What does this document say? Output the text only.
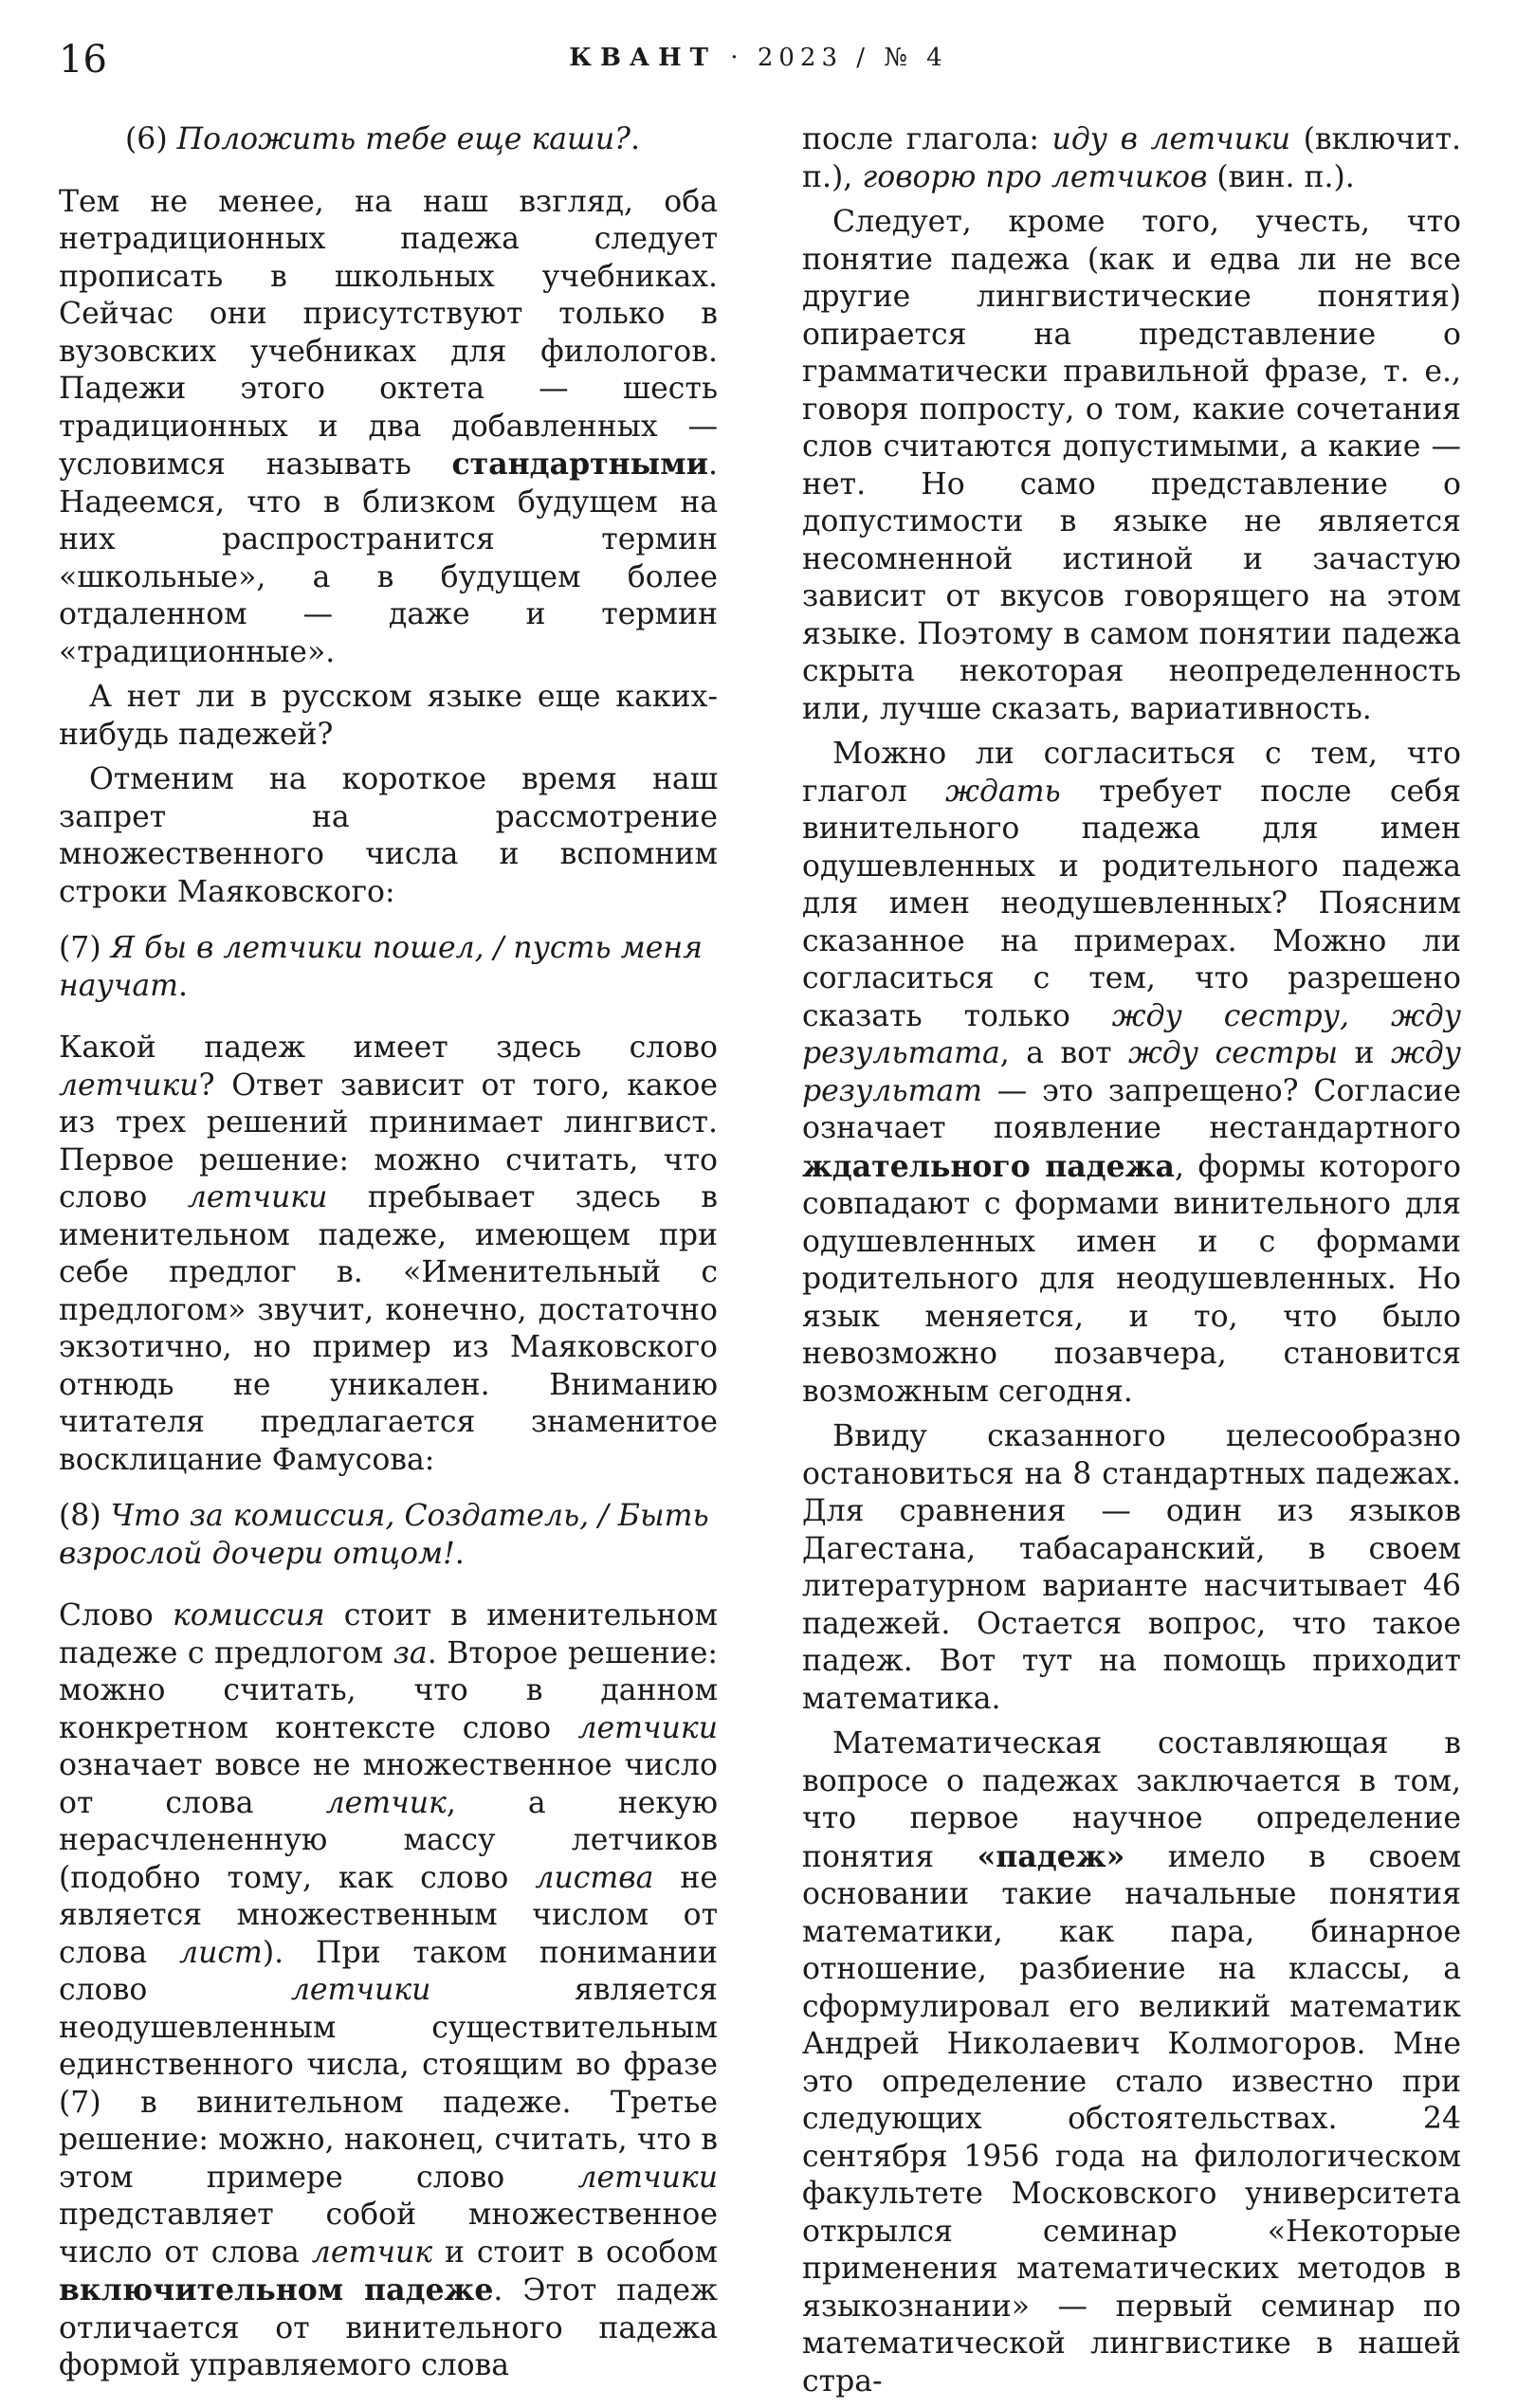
16	КВАНТ · 2023 / № 4

(6) Положить тебе еще каши?.

Тем не менее, на наш взгляд, оба нетрадиционных падежа следует прописать в школьных учебниках. Сейчас они присутствуют только в вузовских учебниках для филологов. Падежи этого октета — шесть традиционных и два добавленных — условимся называть стандартными. Надеемся, что в близком будущем на них распространится термин «школьные», а в будущем более отдаленном — даже и термин «традиционные».

А нет ли в русском языке еще каких-нибудь падежей?

Отменим на короткое время наш запрет на рассмотрение множественного числа и вспомним строки Маяковского:

(7) Я бы в летчики пошел, / пусть меня научат.

Какой падеж имеет здесь слово летчики? Ответ зависит от того, какое из трех решений принимает лингвист. Первое решение: можно считать, что слово летчики пребывает здесь в именительном падеже, имеющем при себе предлог в. «Именительный с предлогом» звучит, конечно, достаточно экзотично, но пример из Маяковского отнюдь не уникален. Вниманию читателя предлагается знаменитое восклицание Фамусова:

(8) Что за комиссия, Создатель, / Быть взрослой дочери отцом!.

Слово комиссия стоит в именительном падеже с предлогом за. Второе решение: можно считать, что в данном конкретном контексте слово летчики означает вовсе не множественное число от слова летчик, а некую нерасчлененную массу летчиков (подобно тому, как слово листва не является множественным числом от слова лист). При таком понимании слово летчики является неодушевленным существительным единственного числа, стоящим во фразе (7) в винительном падеже. Третье решение: можно, наконец, считать, что в этом примере слово летчики представляет собой множественное число от слова летчик и стоит в особом включительном падеже. Этот падеж отличается от винительного падежа формой управляемого слова

после глагола: иду в летчики (включит. п.), говорю про летчиков (вин. п.).

Следует, кроме того, учесть, что понятие падежа (как и едва ли не все другие лингвистические понятия) опирается на представление о грамматически правильной фразе, т. е., говоря попросту, о том, какие сочетания слов считаются допустимыми, а какие — нет. Но само представление о допустимости в языке не является несомненной истиной и зачастую зависит от вкусов говорящего на этом языке. Поэтому в самом понятии падежа скрыта некоторая неопределенность или, лучше сказать, вариативность.

Можно ли согласиться с тем, что глагол ждать требует после себя винительного падежа для имен одушевленных и родительного падежа для имен неодушевленных? Поясним сказанное на примерах. Можно ли согласиться с тем, что разрешено сказать только жду сестру, жду результата, а вот жду сестры и жду результат — это запрещено? Согласие означает появление нестандартного ждательного падежа, формы которого совпадают с формами винительного для одушевленных имен и с формами родительного для неодушевленных. Но язык меняется, и то, что было невозможно позавчера, становится возможным сегодня.

Ввиду сказанного целесообразно остановиться на 8 стандартных падежах. Для сравнения — один из языков Дагестана, табасаранский, в своем литературном варианте насчитывает 46 падежей. Остается вопрос, что такое падеж. Вот тут на помощь приходит математика.

Математическая составляющая в вопросе о падежах заключается в том, что первое научное определение понятия «падеж» имело в своем основании такие начальные понятия математики, как пара, бинарное отношение, разбиение на классы, а сформулировал его великий математик Андрей Николаевич Колмогоров. Мне это определение стало известно при следующих обстоятельствах. 24 сентября 1956 года на филологическом факультете Московского университета открылся семинар «Некоторые применения математических методов в языкознании» — первый семинар по математической лингвистике в нашей стра-
